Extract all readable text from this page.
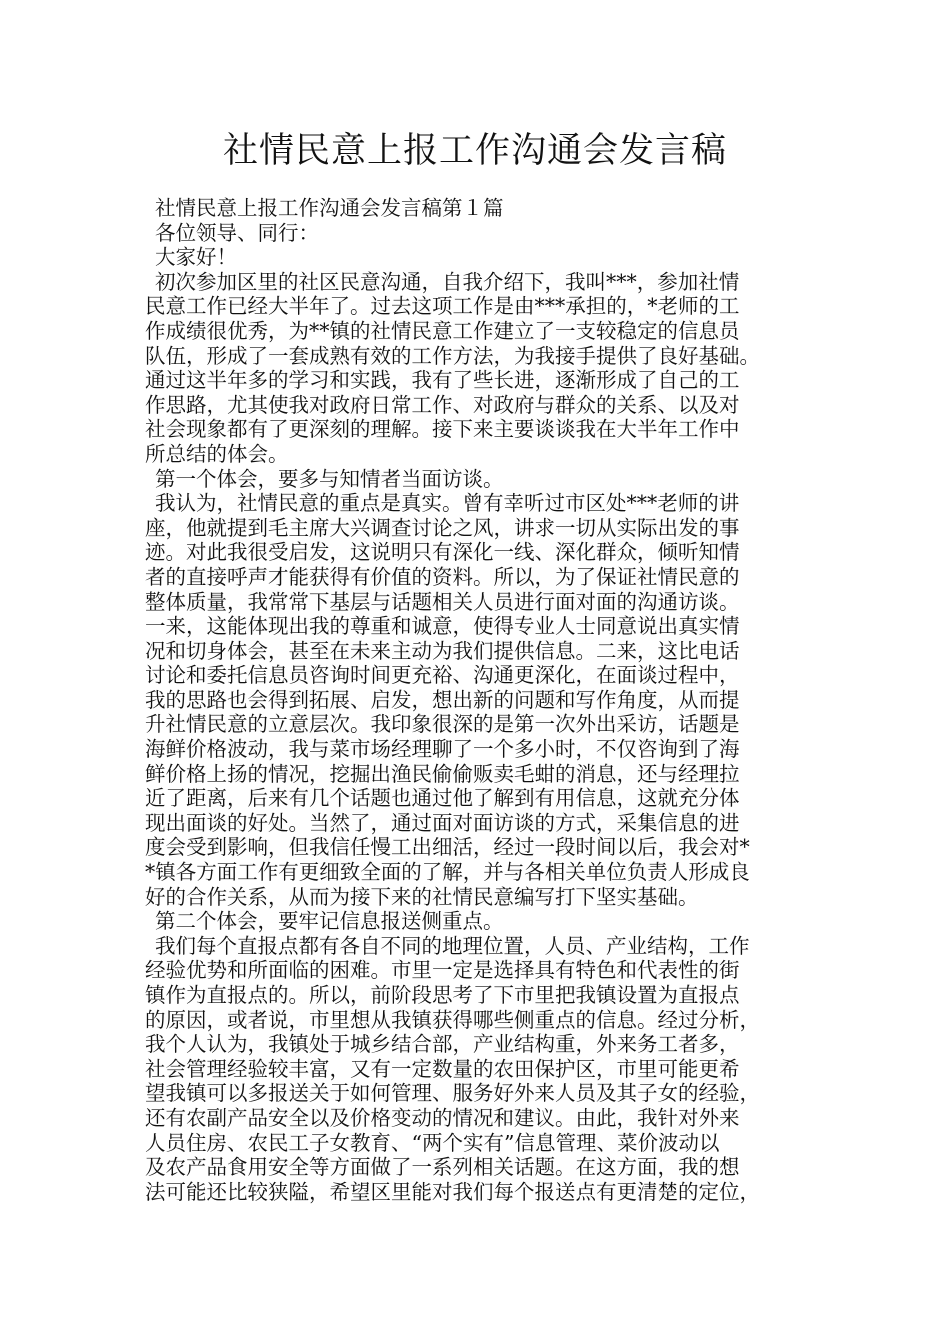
社情民意上报工作沟通会发言稿
社情民意上报工作沟通会发言稿第１篇
各位领导、同行：
大家好！
初次参加区里的社区民意沟通，自我介绍下，我叫***，参加社情
民意工作已经大半年了。过去这项工作是由***承担的，*老师的工
作成绩很优秀，为**镇的社情民意工作建立了一支较稳定的信息员
队伍，形成了一套成熟有效的工作方法，为我接手提供了良好基础。
通过这半年多的学习和实践，我有了些长进，逐渐形成了自己的工
作思路，尤其使我对政府日常工作、对政府与群众的关系、以及对
社会现象都有了更深刻的理解。接下来主要谈谈我在大半年工作中
所总结的体会。
第一个体会，要多与知情者当面访谈。
我认为，社情民意的重点是真实。曾有幸听过市区处***老师的讲
座，他就提到毛主席大兴调查讨论之风，讲求一切从实际出发的事
迹。对此我很受启发，这说明只有深化一线、深化群众，倾听知情
者的直接呼声才能获得有价值的资料。所以，为了保证社情民意的
整体质量，我常常下基层与话题相关人员进行面对面的沟通访谈。
一来，这能体现出我的尊重和诚意，使得专业人士同意说出真实情
况和切身体会，甚至在未来主动为我们提供信息。二来，这比电话
讨论和委托信息员咨询时间更充裕、沟通更深化，在面谈过程中，
我的思路也会得到拓展、启发，想出新的问题和写作角度，从而提
升社情民意的立意层次。我印象很深的是第一次外出采访，话题是
海鲜价格波动，我与菜市场经理聊了一个多小时，不仅咨询到了海
鲜价格上扬的情况，挖掘出渔民偷偷贩卖毛蚶的消息，还与经理拉
近了距离，后来有几个话题也通过他了解到有用信息，这就充分体
现出面谈的好处。当然了，通过面对面访谈的方式，采集信息的进
度会受到影响，但我信任慢工出细活，经过一段时间以后，我会对*
*镇各方面工作有更细致全面的了解，并与各相关单位负责人形成良
好的合作关系，从而为接下来的社情民意编写打下坚实基础。
第二个体会，要牢记信息报送侧重点。
我们每个直报点都有各自不同的地理位置，人员、产业结构，工作
经验优势和所面临的困难。市里一定是选择具有特色和代表性的街
镇作为直报点的。所以，前阶段思考了下市里把我镇设置为直报点
的原因，或者说，市里想从我镇获得哪些侧重点的信息。经过分析，
我个人认为，我镇处于城乡结合部，产业结构重，外来务工者多，
社会管理经验较丰富，又有一定数量的农田保护区，市里可能更希
望我镇可以多报送关于如何管理、服务好外来人员及其子女的经验，
还有农副产品安全以及价格变动的情况和建议。由此，我针对外来
人员住房、农民工子女教育、“两个实有”信息管理、菜价波动以
及农产品食用安全等方面做了一系列相关话题。在这方面，我的想
法可能还比较狭隘，希望区里能对我们每个报送点有更清楚的定位，
